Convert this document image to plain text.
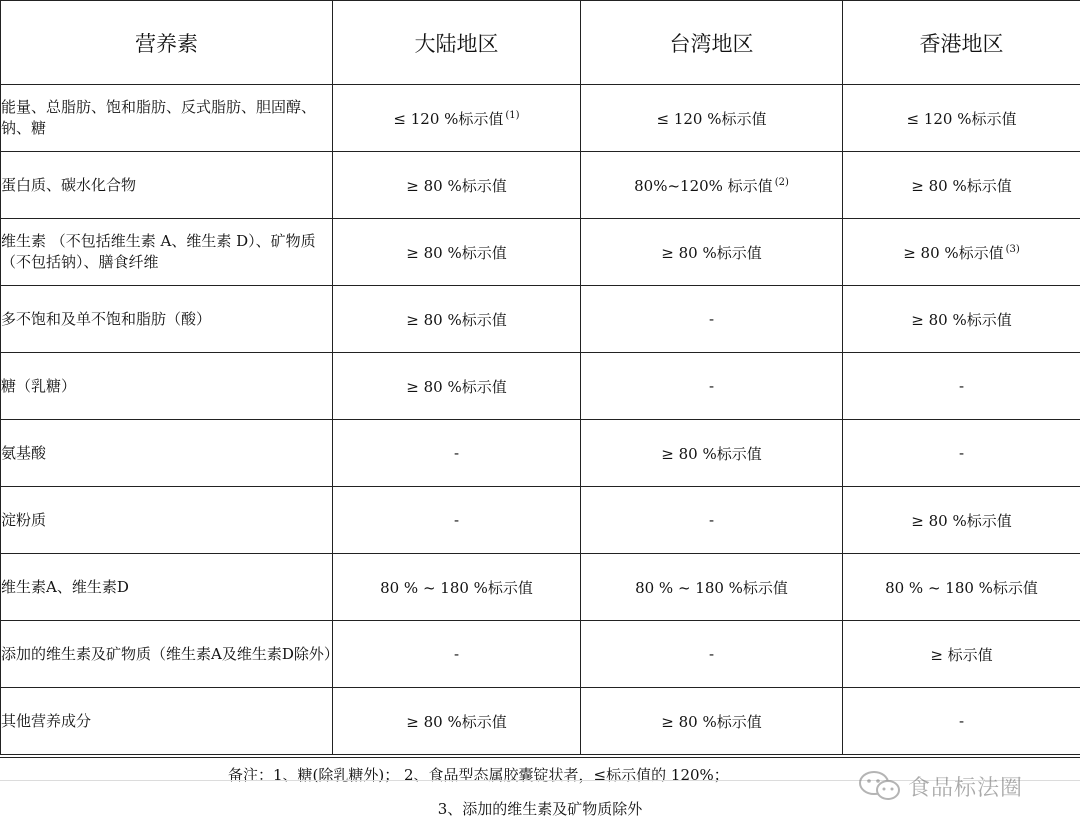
营养素	大陆地区	台湾地区	香港地区
能量、总脂肪、饱和脂肪、反式脂肪、胆固醇、钠、糖	≤ 120 %标示值 $^{(1)}$	≤ 120 %标示值	≤ 120 %标示值
蛋白质、碳水化合物	≥ 80 %标示值	80%~120% 标示值 $^{(2)}$	≥ 80 %标示值
维生素 （不包括维生素 A、维生素 D）、矿物质（不包括钠）、膳食纤维	≥ 80 %标示值	≥ 80 %标示值	≥ 80 %标示值 $^{(3)}$
多不饱和及单不饱和脂肪（酸）	≥ 80 %标示值	-	≥ 80 %标示值
糖（乳糖）	≥ 80 %标示值	-	-
氨基酸	-	≥ 80 %标示值	-
淀粉质	-	-	≥ 80 %标示值
维生素A、维生素D	80 % ~ 180 %标示值	80 % ~ 180 %标示值	80 % ~ 180 %标示值
添加的维生素及矿物质（维生素A及维生素D除外）	-	-	≥ 标示值
其他营养成分	≥ 80 %标示值	≥ 80 %标示值	-
备注：1、糖(除乳糖外)； 2、食品型态属胶囊锭状者，≤标示值的 120%；
3、添加的维生素及矿物质除外
食品标法圈
